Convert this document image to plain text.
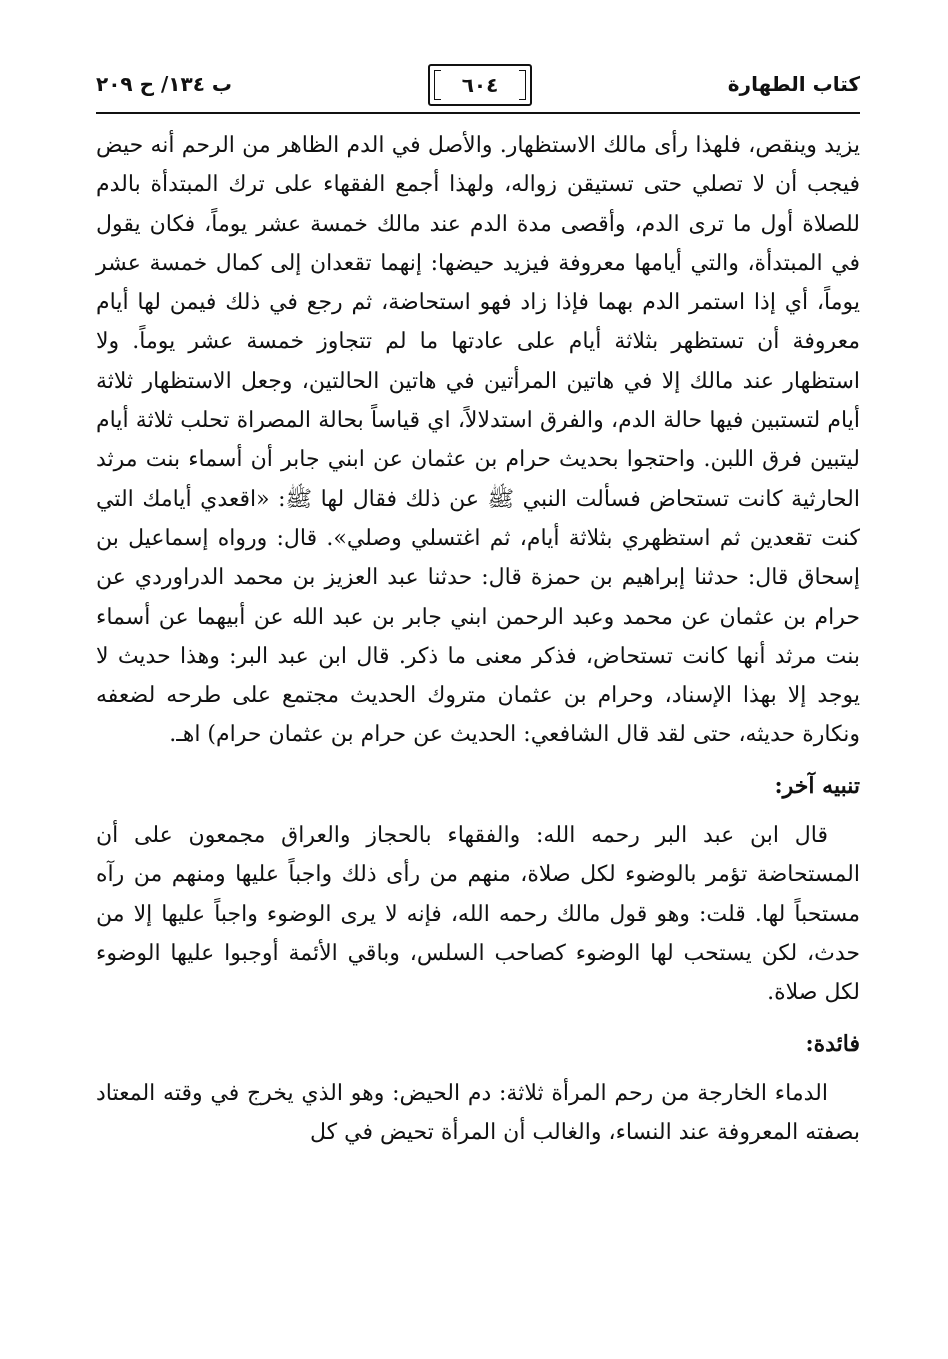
كتاب الطهارة
٦٠٤
ب ١٣٤/ ح ٢٠٩

يزيد وينقص، فلهذا رأى مالك الاستظهار. والأصل في الدم الظاهر من الرحم أنه حيض فيجب أن لا تصلي حتى تستيقن زواله، ولهذا أجمع الفقهاء على ترك المبتدأة بالدم للصلاة أول ما ترى الدم، وأقصى مدة الدم عند مالك خمسة عشر يوماً، فكان يقول في المبتدأة، والتي أيامها معروفة فيزيد حيضها: إنهما تقعدان إلى كمال خمسة عشر يوماً، أي إذا استمر الدم بهما فإذا زاد فهو استحاضة، ثم رجع في ذلك فيمن لها أيام معروفة أن تستظهر بثلاثة أيام على عادتها ما لم تتجاوز خمسة عشر يوماً. ولا استظهار عند مالك إلا في هاتين المرأتين في هاتين الحالتين، وجعل الاستظهار ثلاثة أيام لتستبين فيها حالة الدم، والفرق استدلالاً، اي قياساً بحالة المصراة تحلب ثلاثة أيام ليتبين فرق اللبن. واحتجوا بحديث حرام بن عثمان عن ابني جابر أن أسماء بنت مرثد الحارثية كانت تستحاض فسألت النبي ﷺ عن ذلك فقال لها ﷺ: «اقعدي أيامك التي كنت تقعدين ثم استظهري بثلاثة أيام، ثم اغتسلي وصلي». قال: ورواه إسماعيل بن إسحاق قال: حدثنا إبراهيم بن حمزة قال: حدثنا عبد العزيز بن محمد الدراوردي عن حرام بن عثمان عن محمد وعبد الرحمن ابني جابر بن عبد الله عن أبيهما عن أسماء بنت مرثد أنها كانت تستحاض، فذكر معنى ما ذكر. قال ابن عبد البر: وهذا حديث لا يوجد إلا بهذا الإسناد، وحرام بن عثمان متروك الحديث مجتمع على طرحه لضعفه ونكارة حديثه، حتى لقد قال الشافعي: الحديث عن حرام بن عثمان حرام) اهـ.

تنبيه آخر:

قال ابن عبد البر رحمه الله: والفقهاء بالحجاز والعراق مجمعون على أن المستحاضة تؤمر بالوضوء لكل صلاة، منهم من رأى ذلك واجباً عليها ومنهم من رآه مستحباً لها. قلت: وهو قول مالك رحمه الله، فإنه لا يرى الوضوء واجباً عليها إلا من حدث، لكن يستحب لها الوضوء كصاحب السلس، وباقي الأئمة أوجبوا عليها الوضوء لكل صلاة.

فائدة:

الدماء الخارجة من رحم المرأة ثلاثة: دم الحيض: وهو الذي يخرج في وقته المعتاد بصفته المعروفة عند النساء، والغالب أن المرأة تحيض في كل
